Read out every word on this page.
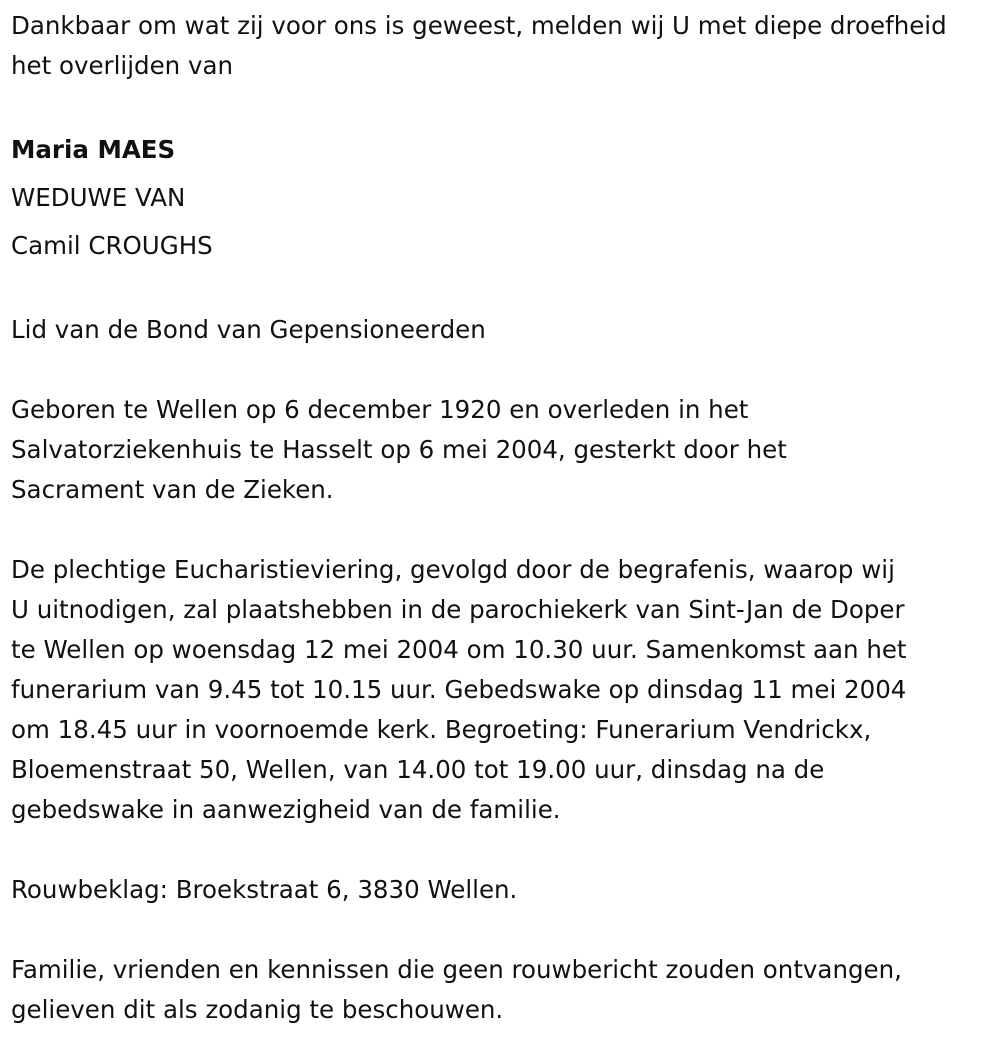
Dankbaar om wat zij voor ons is geweest, melden wij U met diepe droefheid het overlijden van

Maria MAES
WEDUWE VAN
Camil CROUGHS

Lid van de Bond van Gepensioneerden

Geboren te Wellen op 6 december 1920 en overleden in het
Salvatorziekenhuis te Hasselt op 6 mei 2004, gesterkt door het
Sacrament van de Zieken.
De plechtige Eucharistieviering, gevolgd door de begrafenis, waarop wij
U uitnodigen, zal plaatshebben in de parochiekerk van Sint-Jan de Doper
te Wellen op woensdag 12 mei 2004 om 10.30 uur. Samenkomst aan het
funerarium van 9.45 tot 10.15 uur. Gebedswake op dinsdag 11 mei 2004
om 18.45 uur in voornoemde kerk. Begroeting: Funerarium Vendrickx,
Bloemenstraat 50, Wellen, van 14.00 tot 19.00 uur, dinsdag na de
gebedswake in aanwezigheid van de familie.

Rouwbeklag: Broekstraat 6, 3830 Wellen.

Familie, vrienden en kennissen die geen rouwbericht zouden ontvangen,
gelieven dit als zodanig te beschouwen.
